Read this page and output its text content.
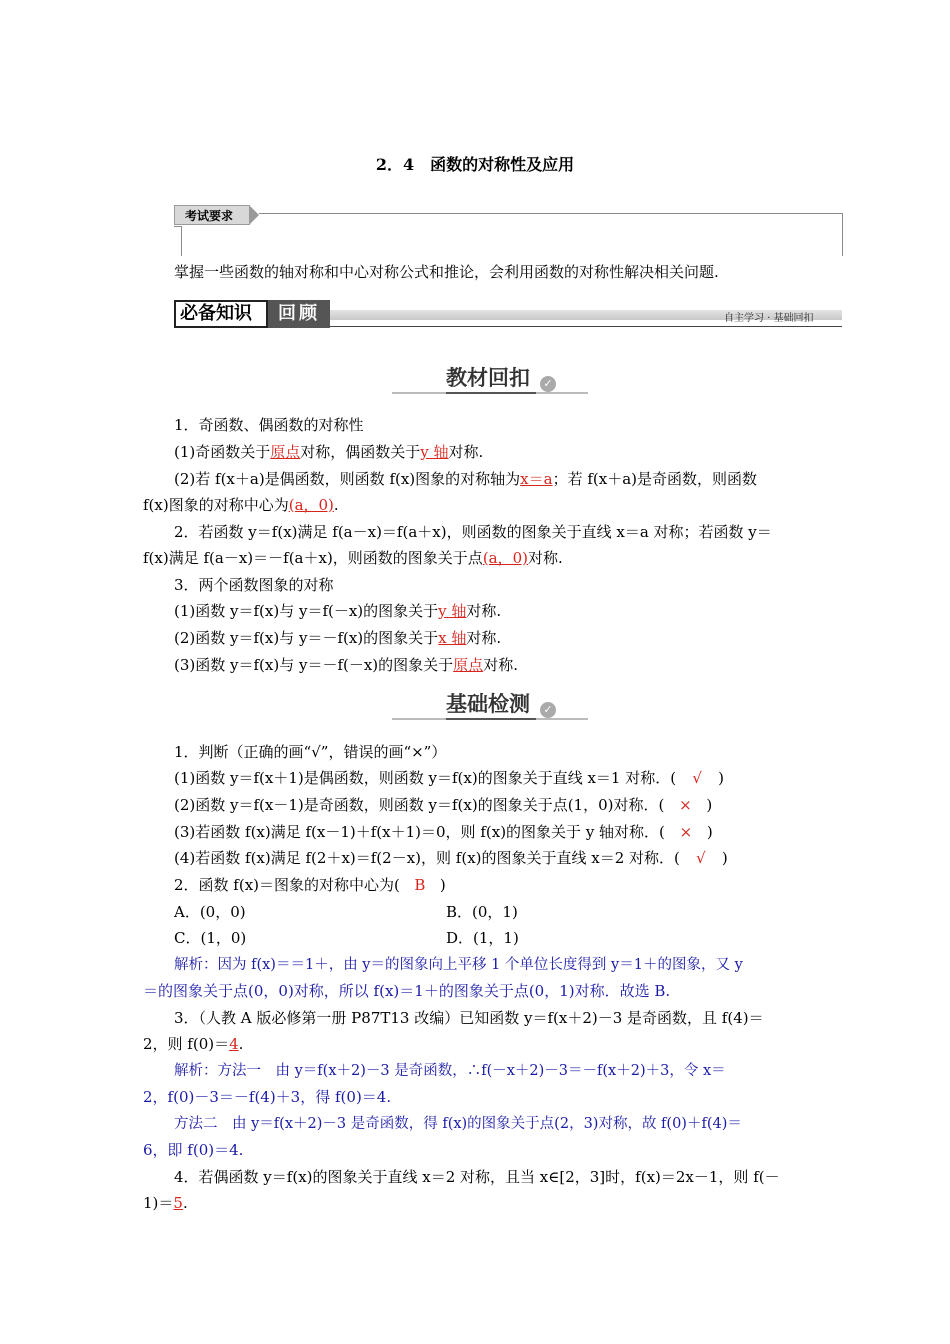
2．4　函数的对称性及应用
考试要求
掌握一些函数的轴对称和中心对称公式和推论，会利用函数的对称性解决相关问题.
必备知识	回顾	自主学习 · 基础回扣
教材回扣	✓
1．奇函数、偶函数的对称性
(1)奇函数关于原点对称，偶函数关于y 轴对称.
(2)若 f(x＋a)是偶函数，则函数 f(x)图象的对称轴为x＝a；若 f(x＋a)是奇函数，则函数
f(x)图象的对称中心为(a，0).
2．若函数 y＝f(x)满足 f(a－x)＝f(a＋x)，则函数的图象关于直线 x＝a 对称；若函数 y＝
f(x)满足 f(a－x)＝－f(a＋x)，则函数的图象关于点(a，0)对称.
3．两个函数图象的对称
(1)函数 y＝f(x)与 y＝f(－x)的图象关于y 轴对称.
(2)函数 y＝f(x)与 y＝－f(x)的图象关于x 轴对称.
(3)函数 y＝f(x)与 y＝－f(－x)的图象关于原点对称.
基础检测	✓
1．判断（正确的画“√”，错误的画“×”）
(1)函数 y＝f(x＋1)是偶函数，则函数 y＝f(x)的图象关于直线 x＝1 对称．( √ )
(2)函数 y＝f(x－1)是奇函数，则函数 y＝f(x)的图象关于点(1，0)对称．( × )
(3)若函数 f(x)满足 f(x－1)＋f(x＋1)＝0，则 f(x)的图象关于 y 轴对称．( × )
(4)若函数 f(x)满足 f(2＋x)＝f(2－x)，则 f(x)的图象关于直线 x＝2 对称．( √ )
2．函数 f(x)＝图象的对称中心为( B )
A．(0，0)	B．(0，1)
C．(1，0)	D．(1，1)
解析：因为 f(x)＝＝1＋，由 y＝的图象向上平移 1 个单位长度得到 y＝1＋的图象，又 y
＝的图象关于点(0，0)对称，所以 f(x)＝1＋的图象关于点(0，1)对称．故选 B.
3．（人教 A 版必修第一册 P87T13 改编）已知函数 y＝f(x＋2)－3 是奇函数，且 f(4)＝
2，则 f(0)＝4.
解析：方法一　由 y＝f(x＋2)－3 是奇函数，∴f(－x＋2)－3＝－f(x＋2)＋3，令 x＝
2，f(0)－3＝－f(4)＋3，得 f(0)＝4.
方法二　由 y＝f(x＋2)－3 是奇函数，得 f(x)的图象关于点(2，3)对称，故 f(0)＋f(4)＝
6，即 f(0)＝4.
4．若偶函数 y＝f(x)的图象关于直线 x＝2 对称，且当 x∈[2，3]时，f(x)＝2x－1，则 f(－
1)＝5.
